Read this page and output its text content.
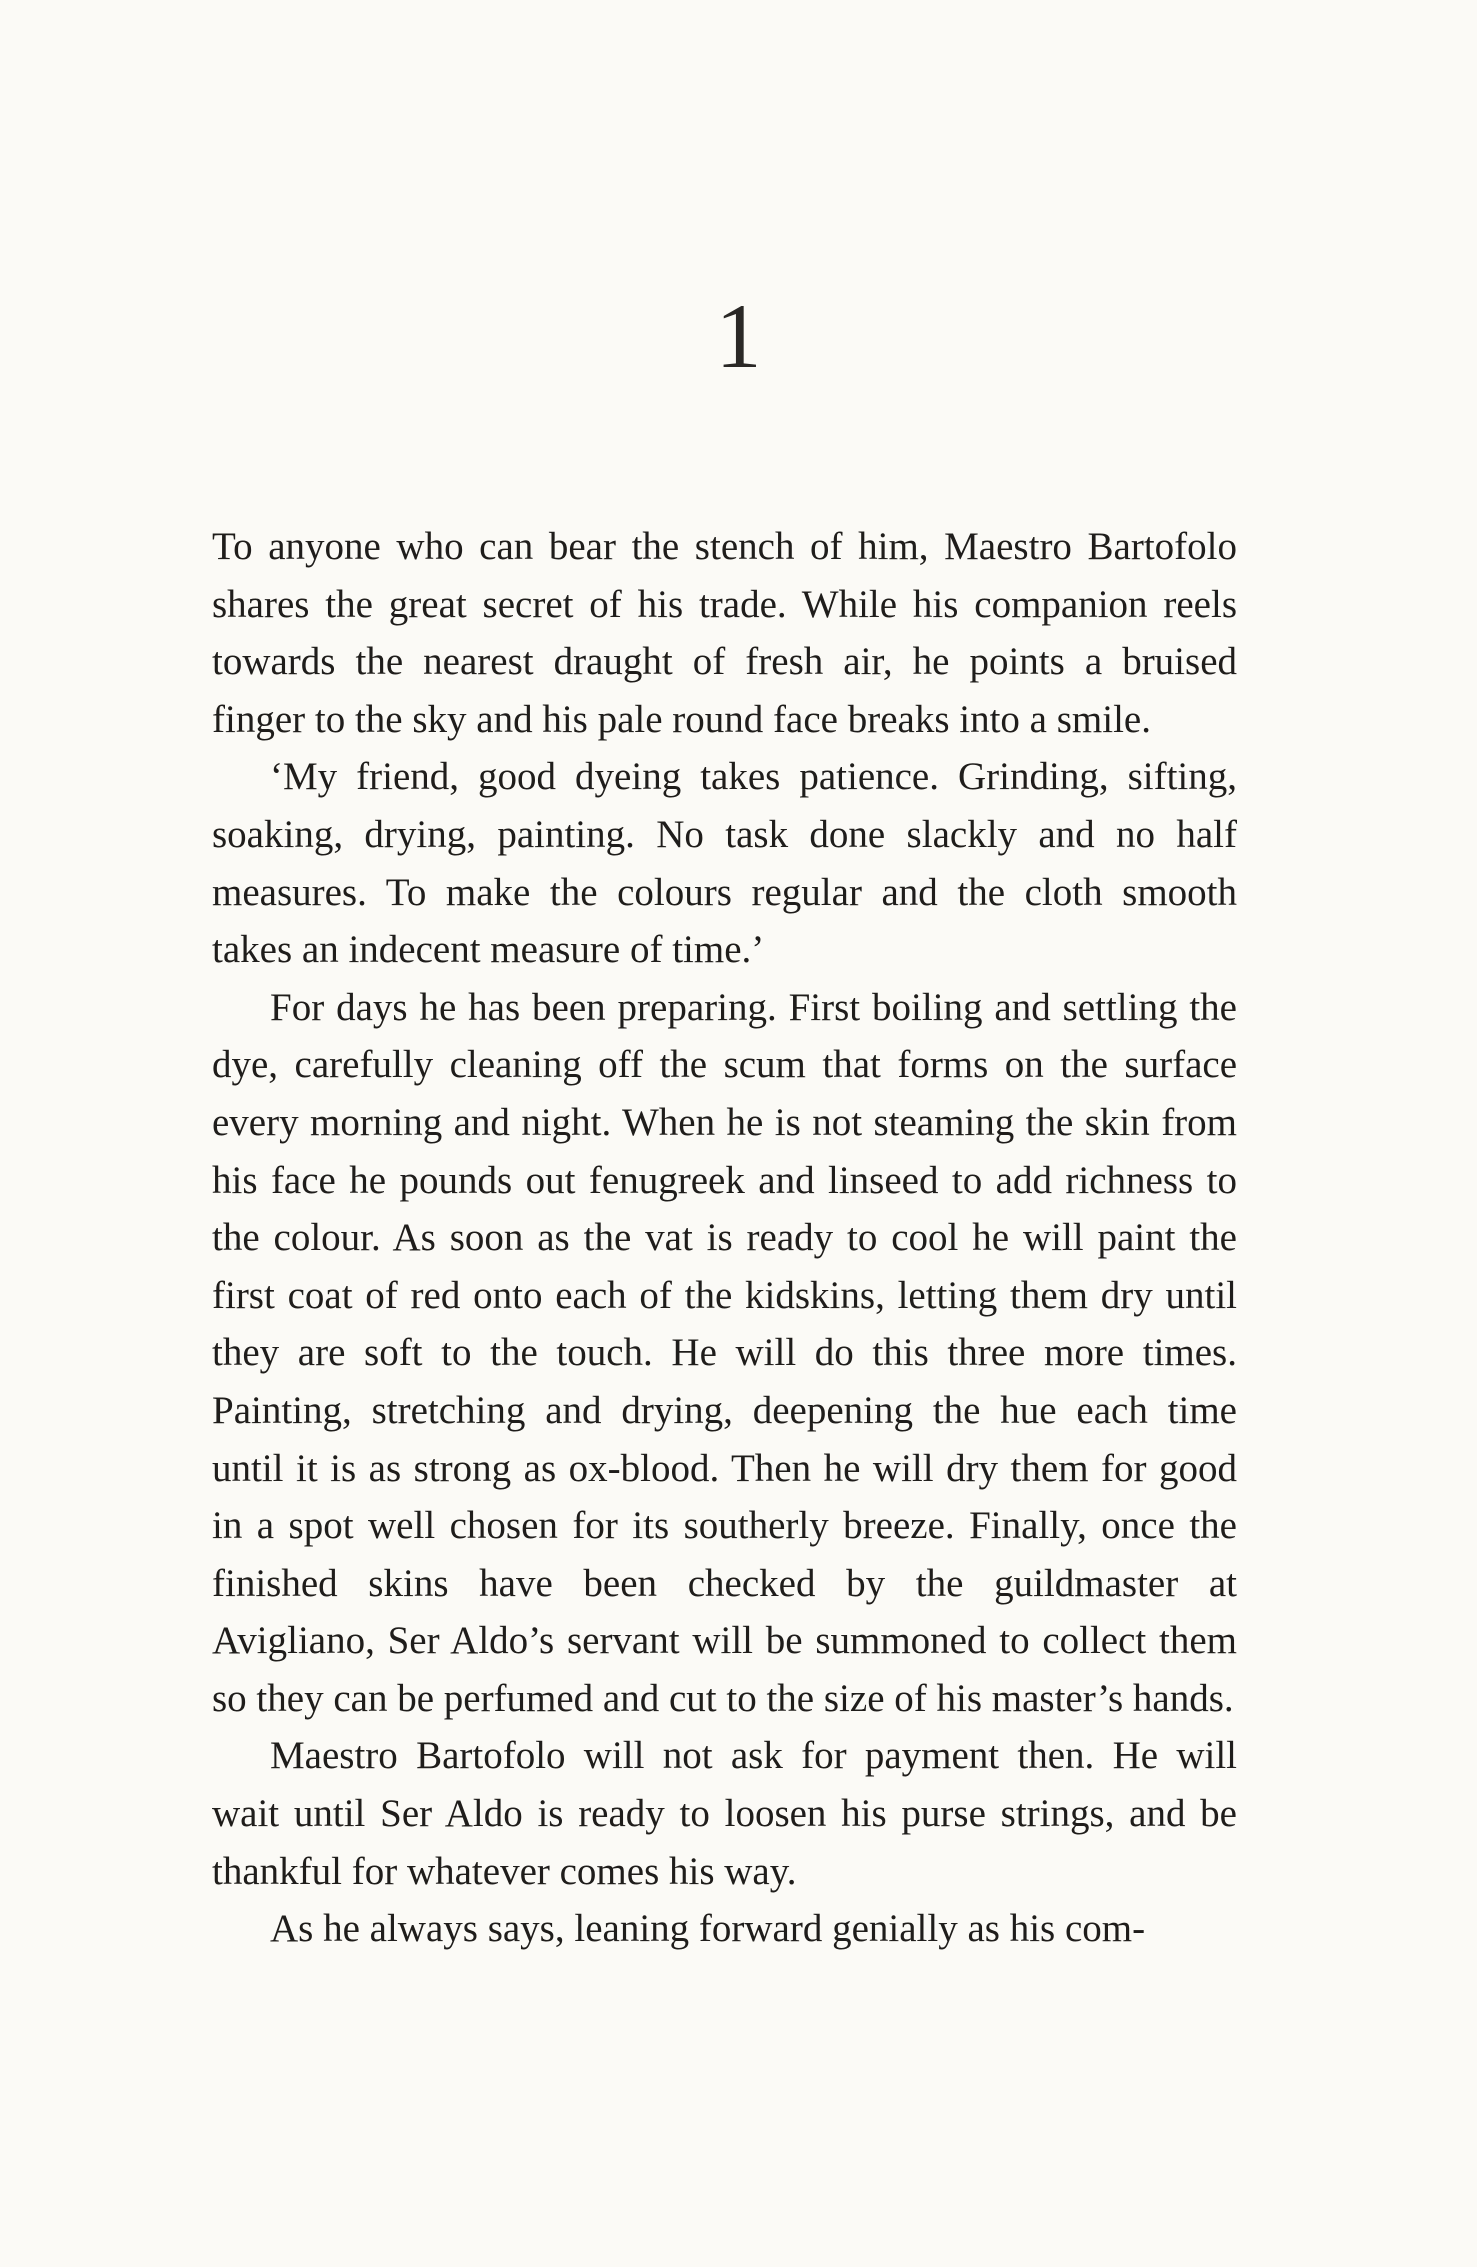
1

To anyone who can bear the stench of him, Maestro Bartofolo shares the great secret of his trade. While his companion reels towards the nearest draught of fresh air, he points a bruised finger to the sky and his pale round face breaks into a smile.

‘My friend, good dyeing takes patience. Grinding, sifting, soaking, drying, painting. No task done slackly and no half measures. To make the colours regular and the cloth smooth takes an indecent measure of time.’

For days he has been preparing. First boiling and settling the dye, carefully cleaning off the scum that forms on the surface every morning and night. When he is not steaming the skin from his face he pounds out fenugreek and linseed to add richness to the colour. As soon as the vat is ready to cool he will paint the first coat of red onto each of the kidskins, letting them dry until they are soft to the touch. He will do this three more times. Painting, stretching and drying, deepening the hue each time until it is as strong as ox-blood. Then he will dry them for good in a spot well chosen for its southerly breeze. Finally, once the finished skins have been checked by the guildmaster at Avigliano, Ser Aldo’s servant will be summoned to collect them so they can be perfumed and cut to the size of his master’s hands.

Maestro Bartofolo will not ask for payment then. He will wait until Ser Aldo is ready to loosen his purse strings, and be thankful for whatever comes his way.

As he always says, leaning forward genially as his com-
